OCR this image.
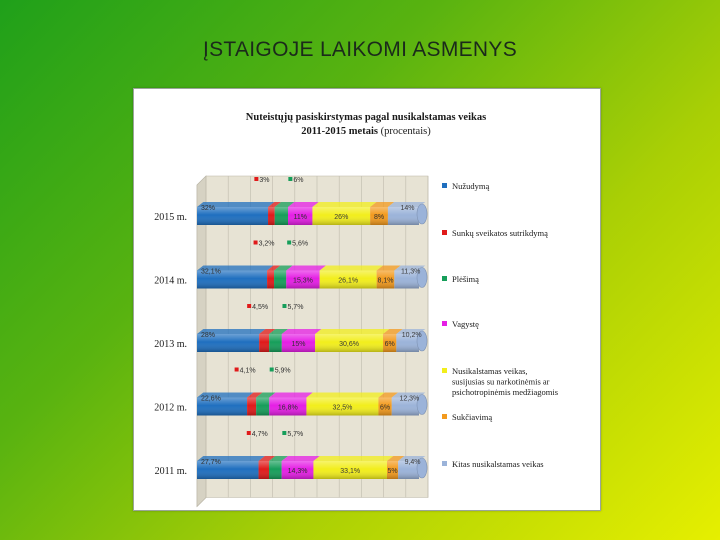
ĮSTAIGOJE LAIKOMI ASMENYS
Nuteistųjų pasiskirstymas pagal nusikalstamas veikas
2011-2015 metais (procentais)
2015 m.
2014 m.
2013 m.
2012 m.
2011 m.
32%
3%	6%
11%	26%	8%
14%
32,1%
3,2%	5,6%
15,3%	26,1%	8,1%
11,3%
28%
4,5%	5,7%
15%	30,6%	6%
10,2%
22,6%
4,1%	5,9%
16,8%	32,5%	6%
12,3%
27,7%
4,7%	5,7%
14,3%	33,1%	5%
9,4%
Nužudymą
Sunkų sveikatos sutrikdymą
Plėšimą
Vagystę
Nusikalstamas veikas, susijusias su narkotinėmis ar psichotropinėmis medžiagomis
Sukčiavimą
Kitas nusikalstamas veikas
